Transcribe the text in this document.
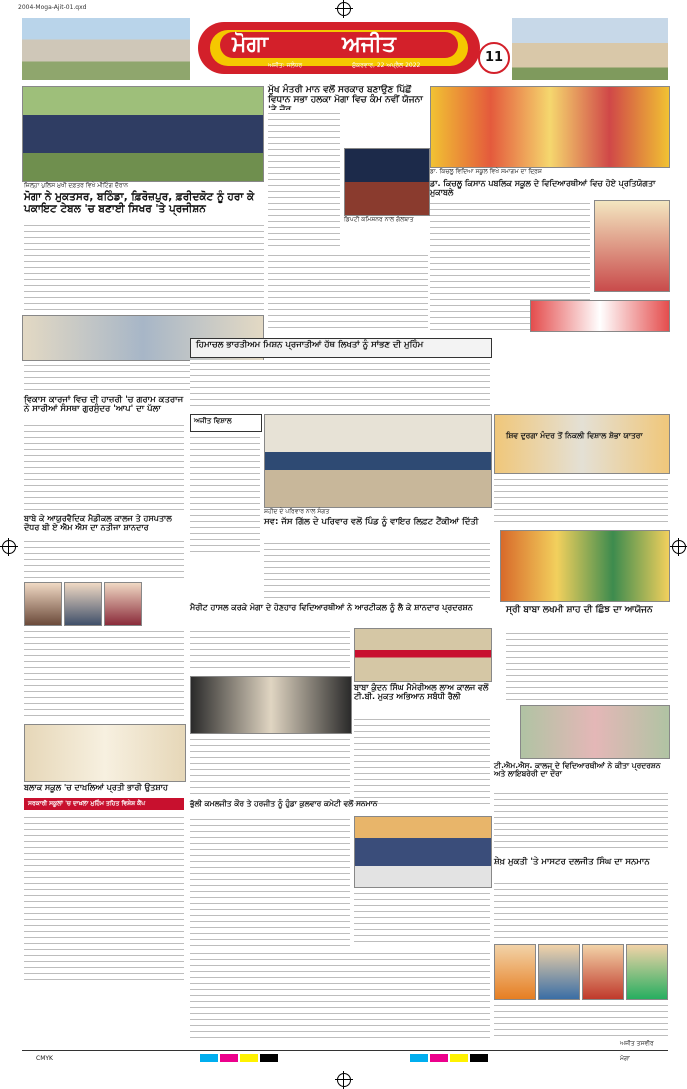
2004-Moga-Ajit-01.qxd
ਮੋਗਾ	ਅਜੀਤ
11
ਅਜੀਤ: ਜਲੰਧਰ	ਸ਼ੁੱਕਰਵਾਰ, 22 ਅਪ੍ਰੈਲ 2022
ਜ਼ਿਲ੍ਹਾ ਪੁਲਿਸ ਮੁਖੀ ਦਫ਼ਤਰ ਵਿਖੇ ਮੀਟਿੰਗ ਦੌਰਾਨ
ਮੋਗਾ ਨੇ ਮੁਕਤਸਰ, ਬਠਿੰਡਾ, ਫ਼ਿਰੋਜ਼ਪੁਰ, ਫ਼ਰੀਦਕੋਟ ਨੂੰ ਹਰਾ ਕੇ ਪਕਾਇਟ ਟੇਬਲ 'ਚ ਬਣਾਈ ਸਿਖਰ 'ਤੇ ਪ੍ਰਜੀਸ਼ਨ
ਮੁੱਖ ਮੰਤਰੀ ਮਾਨ ਵਲੋਂ ਸਰਕਾਰ ਬਣਾਉਣ ਪਿੱਛੋਂ ਵਿਧਾਨ ਸਭਾ ਹਲਕਾ ਮੋਗਾ ਵਿਚ ਕੰਮ ਨਵੀਂ ਯੋਜਨਾ
ਡਿਪਟੀ ਕਮਿਸ਼ਨਰ ਨਾਲ ਗੱਲਬਾਤ
ਡਾ. ਕਿਚਲੂ ਵਿਦਿਆ ਸਕੂਲ ਵਿਖੇ ਸਮਾਗਮ ਦਾ ਦ੍ਰਿਸ਼
ਡਾ. ਕਿਚਲੂ ਕਿਸਾਨ ਪਬਲਿਕ ਸਕੂਲ ਦੇ ਵਿਦਿਆਰਥੀਆਂ ਵਿਚ ਹੋਏ ਪ੍ਰਤਿਯੋਗਤਾ ਮੁਕਾਬਲੇ
ਹਿਮਾਚਲ ਭਾਰਤੀਅਮ ਮਿਸ਼ਨ ਪ੍ਰਜਾਤੀਆਂ ਹੱਥ ਲਿਖਤਾਂ ਨੂੰ ਸਾਂਭਣ ਦੀ ਮੁਹਿੰਮ
ਵਿਕਾਸ ਕਾਰਜਾਂ ਵਿਚ ਦੀ ਹਾਜ਼ਰੀ 'ਚ ਗਰਾਮ ਕਤਰਾਜ ਨੇ ਸਾਰੀਆਂ ਸੰਸਥਾ ਗੁਰਸੁੰਦਰ 'ਆਪ' ਦਾ ਪੱਲਾ
ਬਾਬੇ ਕੇ ਆਯੁਰਵੈਦਿਕ ਮੈਡੀਕਲ ਕਾਲਜ ਤੇ ਹਸਪਤਾਲ ਦੌਧਰ ਬੀ ਏ ਐਮ ਐਸ ਦਾ ਨਤੀਜਾ ਸ਼ਾਨਦਾਰ
ਅਜੀਤ ਵਿਸ਼ਾਲ
ਸ਼ਹੀਦ ਦੇ ਪਰਿਵਾਰ ਨਾਲ ਸੰਗਤ
ਸਵ: ਜੱਸ ਗਿੱਲ ਦੇ ਪਰਿਵਾਰ ਵਲੋਂ ਪਿੰਡ ਨੂੰ ਵਾਇਰ ਲਿਫ਼ਟ ਟੈਂਕੀਆਂ ਦਿੱਤੀ
ਸ਼ਿਵ ਦੁਰਗਾ ਮੰਦਰ ਤੋਂ ਨਿਕਲੀ ਵਿਸ਼ਾਲ ਸ਼ੋਭਾ ਯਾਤਰਾ
ਸ੍ਰੀ ਬਾਬਾ ਲਖਮੀ ਸ਼ਾਹ ਦੀ ਛਿੰਝ ਦਾ ਆਯੋਜਨ
ਮੈਰੀਟ ਹਾਸਲ ਕਰਕੇ ਮੋਗਾ ਦੇ ਹੋਣਹਾਰ ਵਿਦਿਆਰਥੀਆਂ ਨੇ ਆਰਟੀਕਲ ਨੂੰ ਲੈ ਕੇ ਸ਼ਾਨਦਾਰ ਪ੍ਰਦਰਸ਼ਨ
ਬਾਬਾ ਕੁੰਦਨ ਸਿੰਘ ਮੈਮੋਰੀਅਲ ਲਾਅ ਕਾਲਜ ਵਲੋਂ ਟੀ.ਬੀ. ਮੁਕਤ ਅਭਿਆਨ ਸਬੰਧੀ ਰੈਲੀ
ਭੁੱਲੀ ਕਮਲਜੀਤ ਕੌਰ ਤੇ ਹਰਜੀਤ ਨੂੰ ਹੁੰਡਾ ਕੁਲਵਾਰ ਕਮੇਟੀ ਵਲੋਂ ਸਨਮਾਨ
ਟੀ.ਐਮ.ਐਸ. ਕਾਲਜ ਦੇ ਵਿਦਿਆਰਥੀਆਂ ਨੇ ਕੀਤਾ ਪ੍ਰਦਰਸ਼ਨ ਅਤੇ ਲਾਇਬਰੇਰੀ ਦਾ ਦੌਰਾ
ਬਲਾਕ ਸਕੂਲ 'ਚ ਦਾਖ਼ਲਿਆਂ ਪ੍ਰਤੀ ਭਾਰੀ ਉਤਸ਼ਾਹ
ਸਰਕਾਰੀ ਸਕੂਲਾਂ 'ਚ ਦਾਖ਼ਲਾ ਮੁਹਿੰਮ ਤਹਿਤ ਵਿਸ਼ੇਸ਼ ਕੈਂਪ
ਸ਼ੇਖ਼ ਮੁਕਤੀ 'ਤੇ ਮਾਸਟਰ ਦਲਜੀਤ ਸਿੰਘ ਦਾ ਸਨਮਾਨ
ਅਜੀਤ ਤਸਵੀਰ
CMYK	ਮੋਗਾ
